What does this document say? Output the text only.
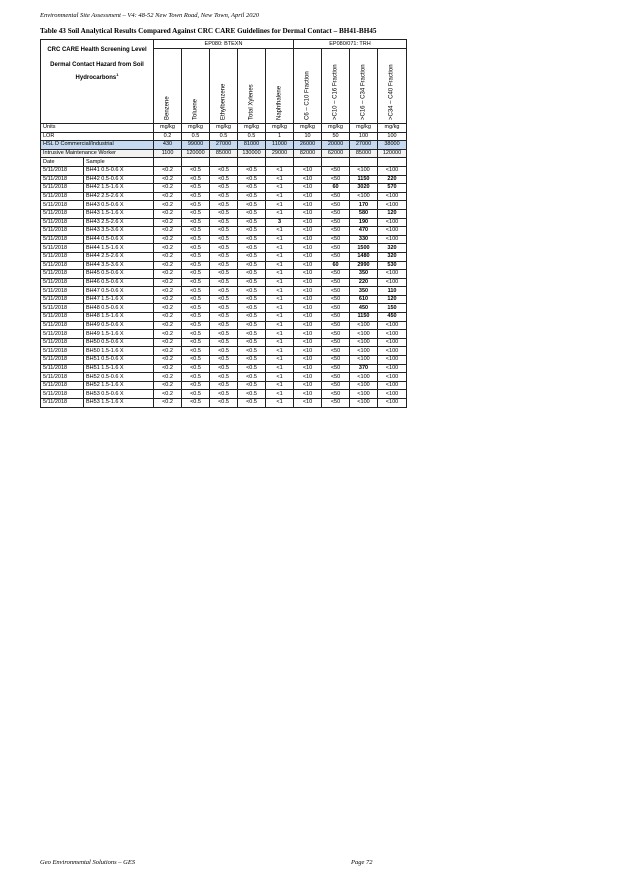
Environmental Site Assessment – V4: 48-52 New Town Road, New Town, April 2020
Table 43 Soil Analytical Results Compared Against CRC CARE Guidelines for Dermal Contact – BH41-BH45
CRC CARE Health Screening Level
Dermal Contact Hazard from Soil Hydrocarbons$^1$		EP080: BTEXN					EP080/071: TRH			

		Benzene	Toluene	Ethylbenzene	Total Xylenes	Naphthalene	C6 – C10 Fraction	>C10 – C16 Fraction	>C16 – C34 Fraction	>C34 – C40 Fraction

Units		mg/kg	mg/kg	mg/kg	mg/kg	mg/kg	mg/kg	mg/kg	mg/kg	mg/kg
LOR		0.2	0.5	0.5	0.5	1	10	50	100	100
HSL D Commercial/Industrial		430	99000	27000	81000	11000	26000	20000	27000	38000
Intrusive Maintenance Worker		1100	120000	85000	130000	29000	82000	62000	85000	120000
Date	Sample									
5/11/2018	BH41 0.5-0.6 X	<0.2	<0.5	<0.5	<0.5	<1	<10	<50	<100	<100
5/11/2018	BH42 0.5-0.6 X	<0.2	<0.5	<0.5	<0.5	<1	<10	<50	1150	220
5/11/2018	BH42 1.5-1.6 X	<0.2	<0.5	<0.5	<0.5	<1	<10	60	3020	570
5/11/2018	BH42 2.5-2.6 X	<0.2	<0.5	<0.5	<0.5	<1	<10	<50	<100	<100
5/11/2018	BH43 0.5-0.6 X	<0.2	<0.5	<0.5	<0.5	<1	<10	<50	170	<100
5/11/2018	BH43 1.5-1.6 X	<0.2	<0.5	<0.5	<0.5	<1	<10	<50	580	120
5/11/2018	BH43 2.5-2.6 X	<0.2	<0.5	<0.5	<0.5	3	<10	<50	190	<100
5/11/2018	BH43 3.5-3.6 X	<0.2	<0.5	<0.5	<0.5	<1	<10	<50	470	<100
5/11/2018	BH44 0.5-0.6 X	<0.2	<0.5	<0.5	<0.5	<1	<10	<50	330	<100
5/11/2018	BH44 1.5-1.6 X	<0.2	<0.5	<0.5	<0.5	<1	<10	<50	1500	320
5/11/2018	BH44 2.5-2.6 X	<0.2	<0.5	<0.5	<0.5	<1	<10	<50	1480	320
5/11/2018	BH44 3.5-3.6 X	<0.2	<0.5	<0.5	<0.5	<1	<10	60	2990	530
5/11/2018	BH45 0.5-0.6 X	<0.2	<0.5	<0.5	<0.5	<1	<10	<50	350	<100
5/11/2018	BH46 0.5-0.6 X	<0.2	<0.5	<0.5	<0.5	<1	<10	<50	220	<100
5/11/2018	BH47 0.5-0.6 X	<0.2	<0.5	<0.5	<0.5	<1	<10	<50	350	110
5/11/2018	BH47 1.5-1.6 X	<0.2	<0.5	<0.5	<0.5	<1	<10	<50	610	120
5/11/2018	BH48 0.5-0.6 X	<0.2	<0.5	<0.5	<0.5	<1	<10	<50	450	150
5/11/2018	BH48 1.5-1.6 X	<0.2	<0.5	<0.5	<0.5	<1	<10	<50	1150	450
5/11/2018	BH49 0.5-0.6 X	<0.2	<0.5	<0.5	<0.5	<1	<10	<50	<100	<100
5/11/2018	BH49 1.5-1.6 X	<0.2	<0.5	<0.5	<0.5	<1	<10	<50	<100	<100
5/11/2018	BH50 0.5-0.6 X	<0.2	<0.5	<0.5	<0.5	<1	<10	<50	<100	<100
5/11/2018	BH50 1.5-1.6 X	<0.2	<0.5	<0.5	<0.5	<1	<10	<50	<100	<100
5/11/2018	BH51 0.5-0.6 X	<0.2	<0.5	<0.5	<0.5	<1	<10	<50	<100	<100
5/11/2018	BH51 1.5-1.6 X	<0.2	<0.5	<0.5	<0.5	<1	<10	<50	370	<100
5/11/2018	BH52 0.5-0.6 X	<0.2	<0.5	<0.5	<0.5	<1	<10	<50	<100	<100
5/11/2018	BH52 1.5-1.6 X	<0.2	<0.5	<0.5	<0.5	<1	<10	<50	<100	<100
5/11/2018	BH53 0.5-0.6 X	<0.2	<0.5	<0.5	<0.5	<1	<10	<50	<100	<100
5/11/2018	BH53 1.5-1.6 X	<0.2	<0.5	<0.5	<0.5	<1	<10	<50	<100	<100
Geo Environmental Solutions – GES	Page 72
